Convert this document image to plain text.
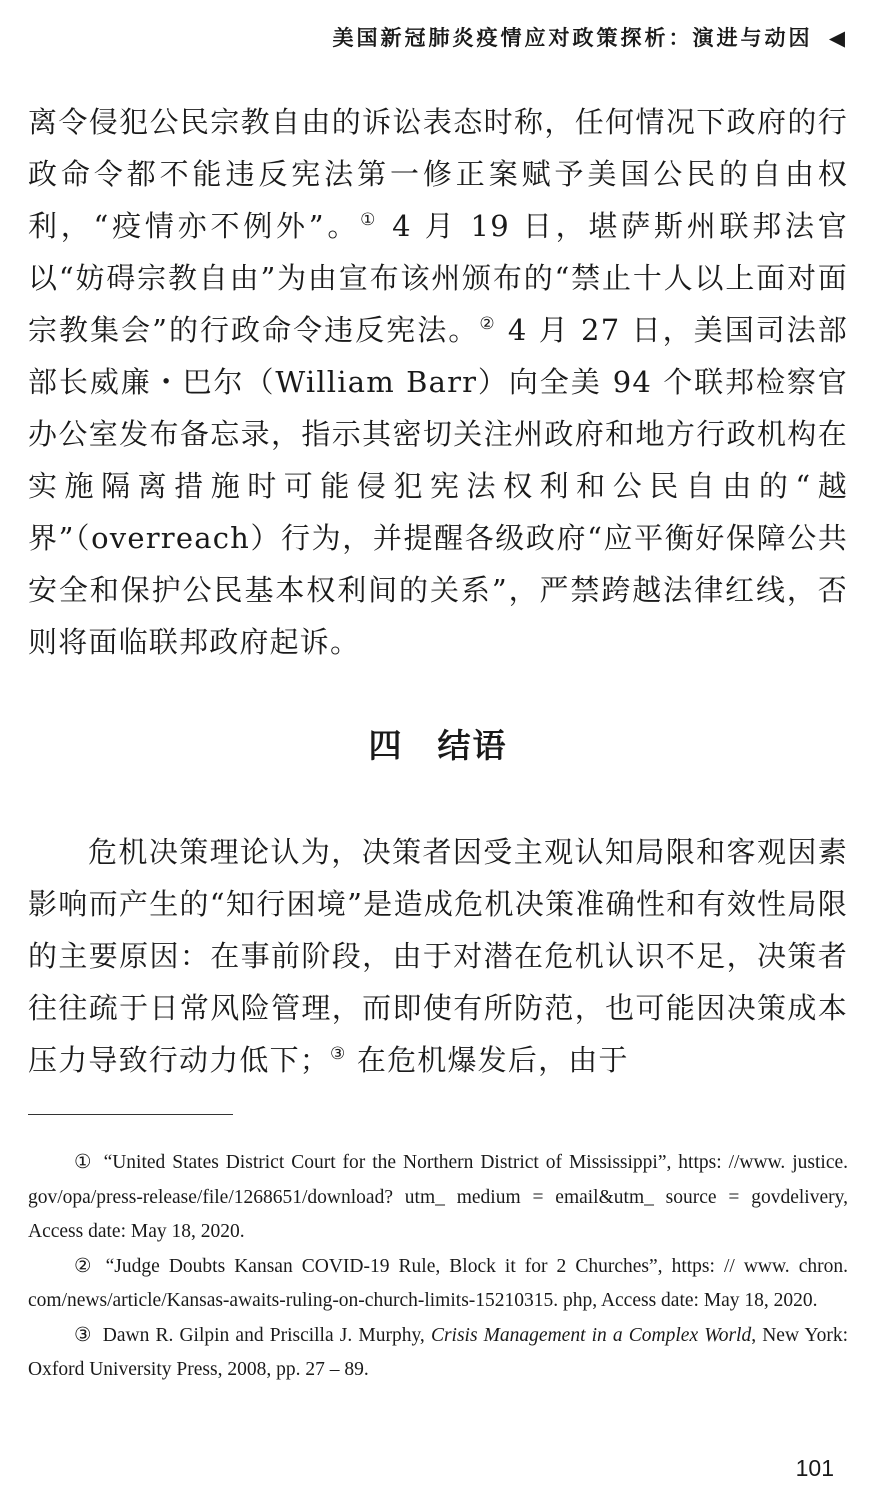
美国新冠肺炎疫情应对政策探析：演进与动因 ◀
离令侵犯公民宗教自由的诉讼表态时称，任何情况下政府的行政命令都不能违反宪法第一修正案赋予美国公民的自由权利，“疫情亦不例外”。① 4 月 19 日，堪萨斯州联邦法官以“妨碍宗教自由”为由宣布该州颁布的“禁止十人以上面对面宗教集会”的行政命令违反宪法。② 4 月 27 日，美国司法部部长威廉・巴尔（William Barr）向全美 94 个联邦检察官办公室发布备忘录，指示其密切关注州政府和地方行政机构在实施隔离措施时可能侵犯宪法权利和公民自由的“越界”（overreach）行为，并提醒各级政府“应平衡好保障公共安全和保护公民基本权利间的关系”，严禁跨越法律红线，否则将面临联邦政府起诉。
四 结语
危机决策理论认为，决策者因受主观认知局限和客观因素影响而产生的“知行困境”是造成危机决策准确性和有效性局限的主要原因：在事前阶段，由于对潜在危机认识不足，决策者往往疏于日常风险管理，而即使有所防范，也可能因决策成本压力导致行动力低下；③ 在危机爆发后，由于

① “United States District Court for the Northern District of Mississippi”, https: //www. justice. gov/opa/press-release/file/1268651/download? utm_ medium = email&utm_ source = govdelivery, Access date: May 18, 2020.

② “Judge Doubts Kansan COVID-19 Rule, Block it for 2 Churches”, https: // www. chron. com/news/article/Kansas-awaits-ruling-on-church-limits-15210315. php, Access date: May 18, 2020.

③ Dawn R. Gilpin and Priscilla J. Murphy, Crisis Management in a Complex World, New York: Oxford University Press, 2008, pp. 27 – 89.

101
